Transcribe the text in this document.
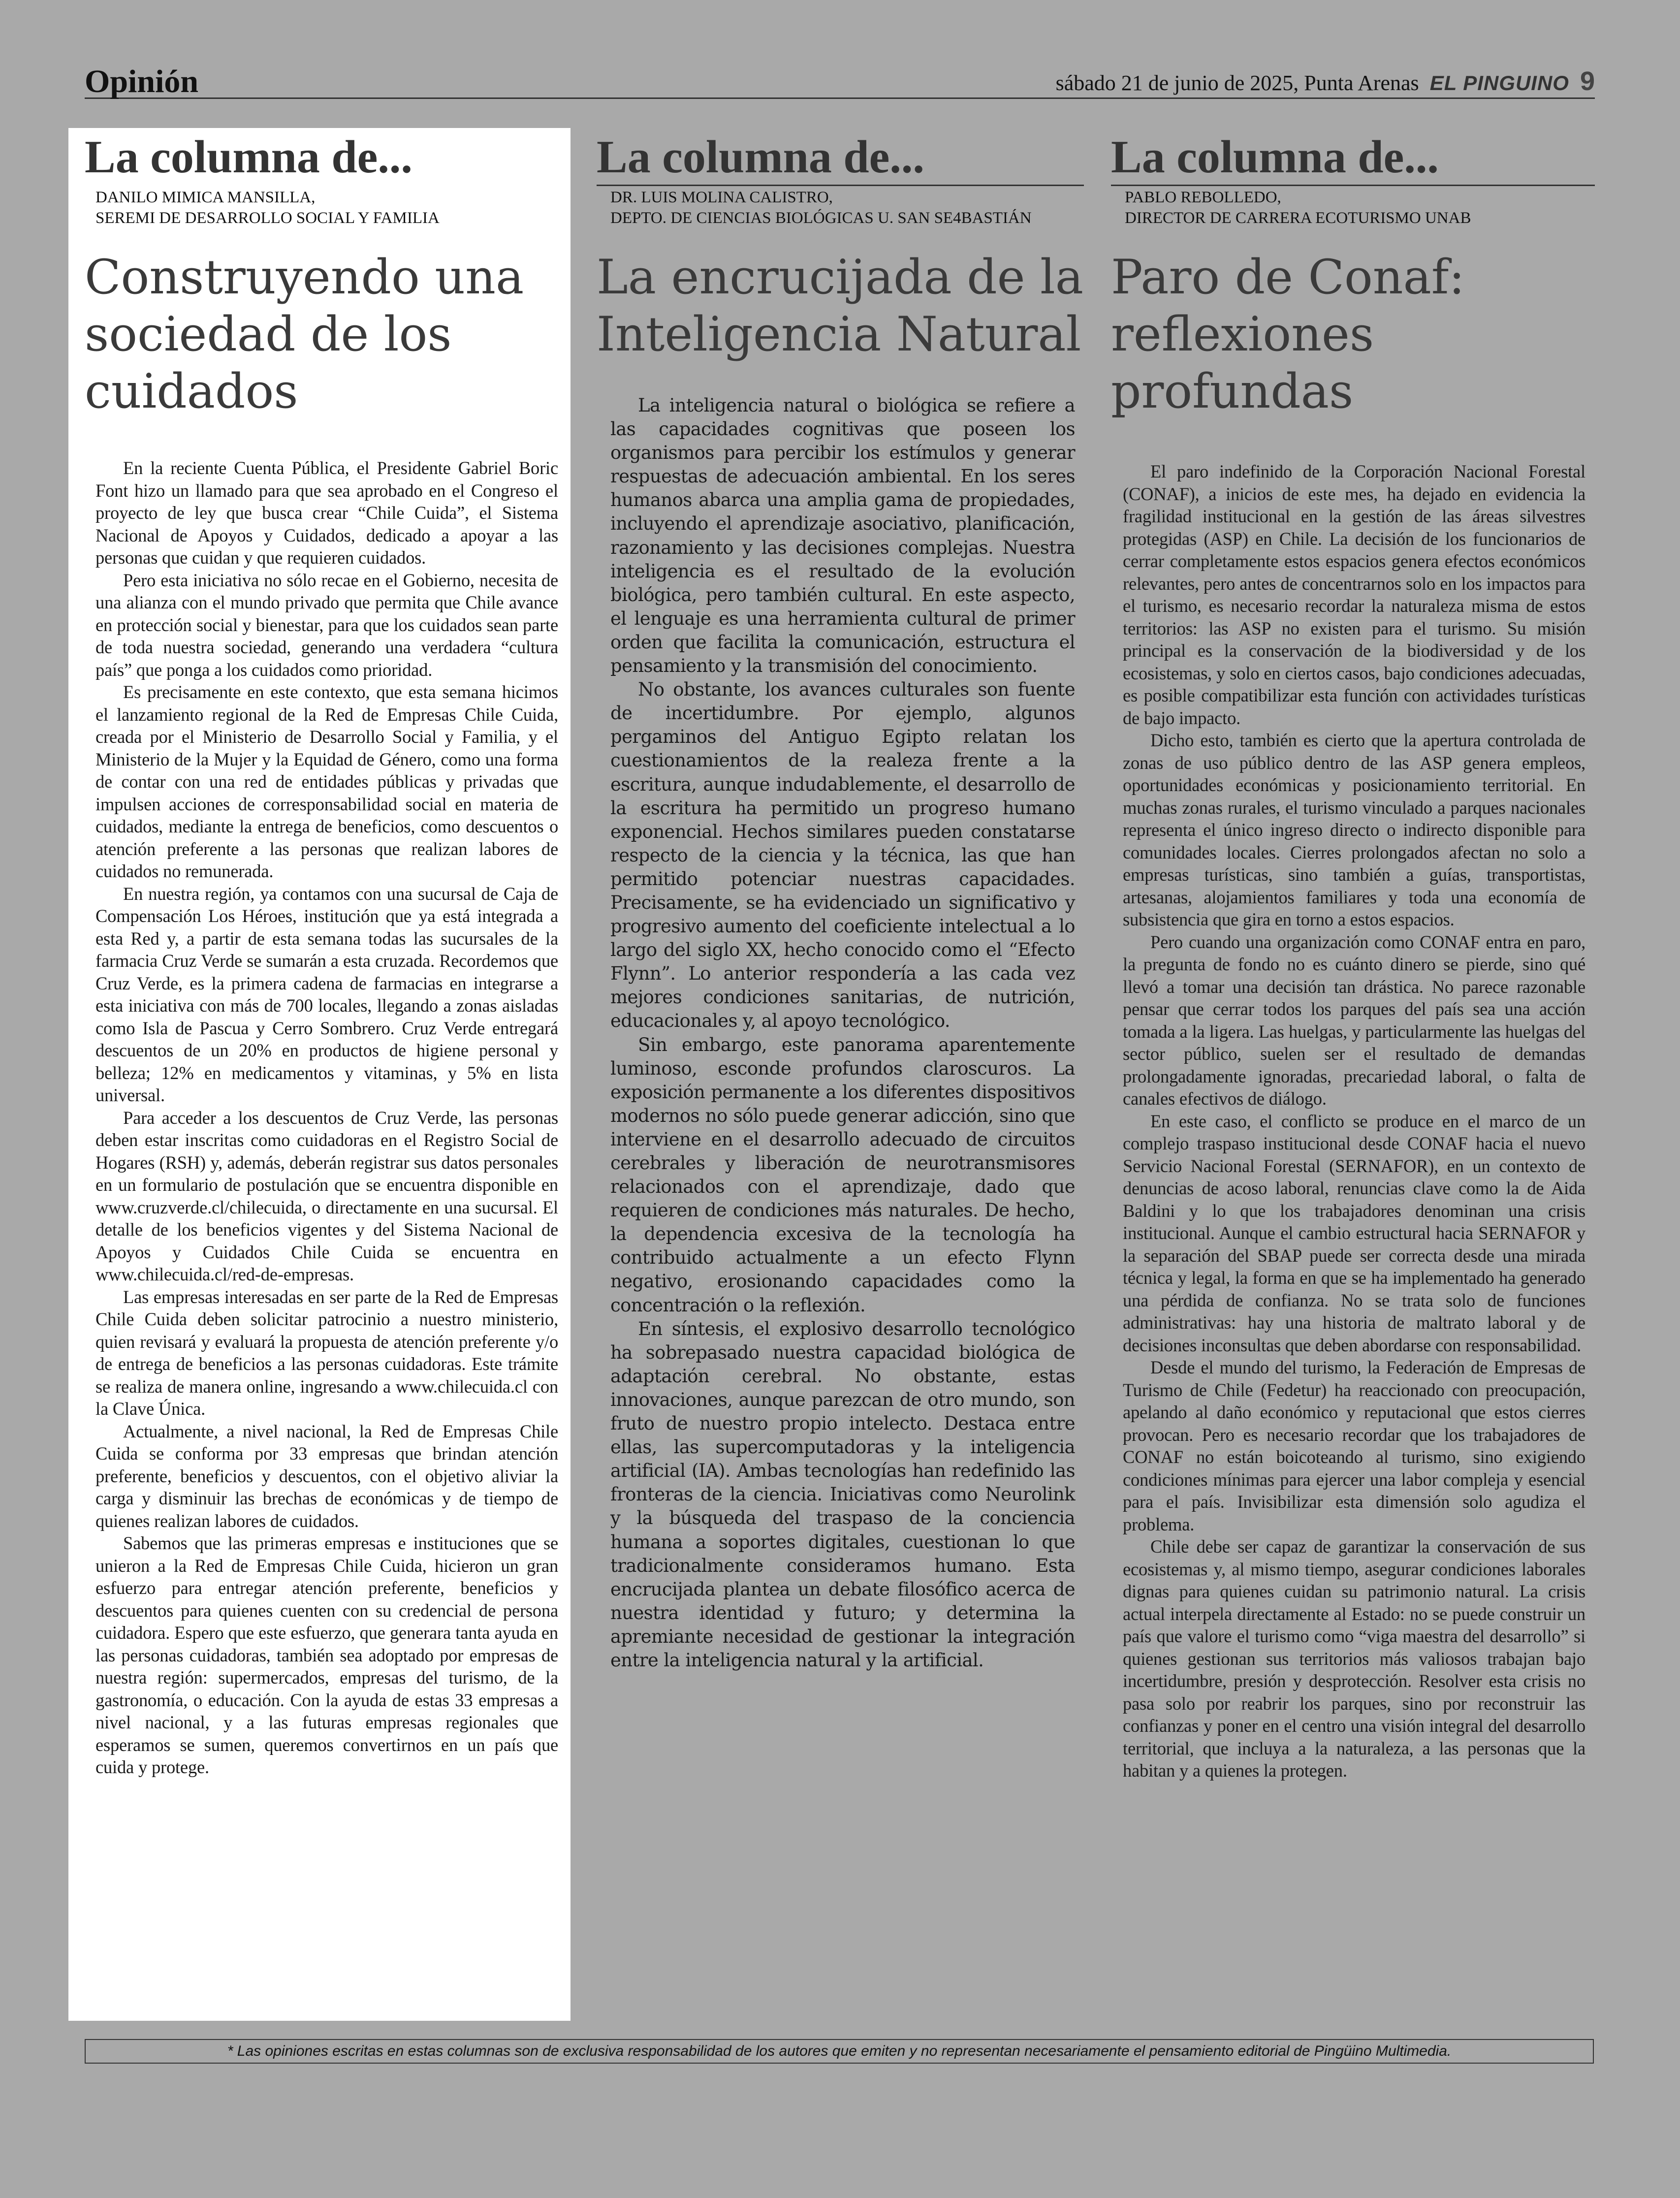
Opinión	sábado 21 de junio de 2025, Punta Arenas EL PINGUINO 9
La columna de...
DANILO MIMICA MANSILLA,
SEREMI DE DESARROLLO SOCIAL Y FAMILIA
Construyendo una sociedad de los cuidados

En la reciente Cuenta Pública, el Presidente Gabriel Boric Font hizo un llamado para que sea aprobado en el Congreso el proyecto de ley que busca crear “Chile Cuida”, el Sistema Nacional de Apoyos y Cuidados, dedicado a apoyar a las personas que cuidan y que requieren cuidados.

Pero esta iniciativa no sólo recae en el Gobierno, necesita de una alianza con el mundo privado que permita que Chile avance en protección social y bienestar, para que los cuidados sean parte de toda nuestra sociedad, generando una verdadera “cultura país” que ponga a los cuidados como prioridad.

Es precisamente en este contexto, que esta semana hicimos el lanzamiento regional de la Red de Empresas Chile Cuida, creada por el Ministerio de Desarrollo Social y Familia, y el Ministerio de la Mujer y la Equidad de Género, como una forma de contar con una red de entidades públicas y privadas que impulsen acciones de corresponsabilidad social en materia de cuidados, mediante la entrega de beneficios, como descuentos o atención preferente a las personas que realizan labores de cuidados no remunerada.

En nuestra región, ya contamos con una sucursal de Caja de Compensación Los Héroes, institución que ya está integrada a esta Red y, a partir de esta semana todas las sucursales de la farmacia Cruz Verde se sumarán a esta cruzada. Recordemos que Cruz Verde, es la primera cadena de farmacias en integrarse a esta iniciativa con más de 700 locales, llegando a zonas aisladas como Isla de Pascua y Cerro Sombrero. Cruz Verde entregará descuentos de un 20% en productos de higiene personal y belleza; 12% en medicamentos y vitaminas, y 5% en lista universal.

Para acceder a los descuentos de Cruz Verde, las personas deben estar inscritas como cuidadoras en el Registro Social de Hogares (RSH) y, además, deberán registrar sus datos personales en un formulario de postulación que se encuentra disponible en www.cruzverde.cl/chilecuida, o directamente en una sucursal. El detalle de los beneficios vigentes y del Sistema Nacional de Apoyos y Cuidados Chile Cuida se encuentra en www.chilecuida.cl/red-de-empresas.

Las empresas interesadas en ser parte de la Red de Empresas Chile Cuida deben solicitar patrocinio a nuestro ministerio, quien revisará y evaluará la propuesta de atención preferente y/o de entrega de beneficios a las personas cuidadoras. Este trámite se realiza de manera online, ingresando a www.chilecuida.cl con la Clave Única.

Actualmente, a nivel nacional, la Red de Empresas Chile Cuida se conforma por 33 empresas que brindan atención preferente, beneficios y descuentos, con el objetivo aliviar la carga y disminuir las brechas de económicas y de tiempo de quienes realizan labores de cuidados.

Sabemos que las primeras empresas e instituciones que se unieron a la Red de Empresas Chile Cuida, hicieron un gran esfuerzo para entregar atención preferente, beneficios y descuentos para quienes cuenten con su credencial de persona cuidadora. Espero que este esfuerzo, que generara tanta ayuda en las personas cuidadoras, también sea adoptado por empresas de nuestra región: supermercados, empresas del turismo, de la gastronomía, o educación. Con la ayuda de estas 33 empresas a nivel nacional, y a las futuras empresas regionales que esperamos se sumen, queremos convertirnos en un país que cuida y protege.

La columna de...
DR. LUIS MOLINA CALISTRO,
DEPTO. DE CIENCIAS BIOLÓGICAS U. SAN SE4BASTIÁN
La encrucijada de la Inteligencia Natural

La inteligencia natural o biológica se refiere a las capacidades cognitivas que poseen los organismos para percibir los estímulos y generar respuestas de adecuación ambiental. En los seres humanos abarca una amplia gama de propiedades, incluyendo el aprendizaje asociativo, planificación, razonamiento y las decisiones complejas. Nuestra inteligencia es el resultado de la evolución biológica, pero también cultural. En este aspecto, el lenguaje es una herramienta cultural de primer orden que facilita la comunicación, estructura el pensamiento y la transmisión del conocimiento.

No obstante, los avances culturales son fuente de incertidumbre. Por ejemplo, algunos pergaminos del Antiguo Egipto relatan los cuestionamientos de la realeza frente a la escritura, aunque indudablemente, el desarrollo de la escritura ha permitido un progreso humano exponencial. Hechos similares pueden constatarse respecto de la ciencia y la técnica, las que han permitido potenciar nuestras capacidades. Precisamente, se ha evidenciado un significativo y progresivo aumento del coeficiente intelectual a lo largo del siglo XX, hecho conocido como el “Efecto Flynn”. Lo anterior respondería a las cada vez mejores condiciones sanitarias, de nutrición, educacionales y, al apoyo tecnológico.

Sin embargo, este panorama aparentemente luminoso, esconde profundos claroscuros. La exposición permanente a los diferentes dispositivos modernos no sólo puede generar adicción, sino que interviene en el desarrollo adecuado de circuitos cerebrales y liberación de neurotransmisores relacionados con el aprendizaje, dado que requieren de condiciones más naturales. De hecho, la dependencia excesiva de la tecnología ha contribuido actualmente a un efecto Flynn negativo, erosionando capacidades como la concentración o la reflexión.

En síntesis, el explosivo desarrollo tecnológico ha sobrepasado nuestra capacidad biológica de adaptación cerebral. No obstante, estas innovaciones, aunque parezcan de otro mundo, son fruto de nuestro propio intelecto. Destaca entre ellas, las supercomputadoras y la inteligencia artificial (IA). Ambas tecnologías han redefinido las fronteras de la ciencia. Iniciativas como Neurolink y la búsqueda del traspaso de la conciencia humana a soportes digitales, cuestionan lo que tradicionalmente consideramos humano. Esta encrucijada plantea un debate filosófico acerca de nuestra identidad y futuro; y determina la apremiante necesidad de gestionar la integración entre la inteligencia natural y la artificial.

La columna de...
PABLO REBOLLEDO,
DIRECTOR DE CARRERA ECOTURISMO UNAB
Paro de Conaf: reflexiones profundas

El paro indefinido de la Corporación Nacional Forestal (CONAF), a inicios de este mes, ha dejado en evidencia la fragilidad institucional en la gestión de las áreas silvestres protegidas (ASP) en Chile. La decisión de los funcionarios de cerrar completamente estos espacios genera efectos económicos relevantes, pero antes de concentrarnos solo en los impactos para el turismo, es necesario recordar la naturaleza misma de estos territorios: las ASP no existen para el turismo. Su misión principal es la conservación de la biodiversidad y de los ecosistemas, y solo en ciertos casos, bajo condiciones adecuadas, es posible compatibilizar esta función con actividades turísticas de bajo impacto.

Dicho esto, también es cierto que la apertura controlada de zonas de uso público dentro de las ASP genera empleos, oportunidades económicas y posicionamiento territorial. En muchas zonas rurales, el turismo vinculado a parques nacionales representa el único ingreso directo o indirecto disponible para comunidades locales. Cierres prolongados afectan no solo a empresas turísticas, sino también a guías, transportistas, artesanas, alojamientos familiares y toda una economía de subsistencia que gira en torno a estos espacios.

Pero cuando una organización como CONAF entra en paro, la pregunta de fondo no es cuánto dinero se pierde, sino qué llevó a tomar una decisión tan drástica. No parece razonable pensar que cerrar todos los parques del país sea una acción tomada a la ligera. Las huelgas, y particularmente las huelgas del sector público, suelen ser el resultado de demandas prolongadamente ignoradas, precariedad laboral, o falta de canales efectivos de diálogo.

En este caso, el conflicto se produce en el marco de un complejo traspaso institucional desde CONAF hacia el nuevo Servicio Nacional Forestal (SERNAFOR), en un contexto de denuncias de acoso laboral, renuncias clave como la de Aida Baldini y lo que los trabajadores denominan una crisis institucional. Aunque el cambio estructural hacia SERNAFOR y la separación del SBAP puede ser correcta desde una mirada técnica y legal, la forma en que se ha implementado ha generado una pérdida de confianza. No se trata solo de funciones administrativas: hay una historia de maltrato laboral y de decisiones inconsultas que deben abordarse con responsabilidad.

Desde el mundo del turismo, la Federación de Empresas de Turismo de Chile (Fedetur) ha reaccionado con preocupación, apelando al daño económico y reputacional que estos cierres provocan. Pero es necesario recordar que los trabajadores de CONAF no están boicoteando al turismo, sino exigiendo condiciones mínimas para ejercer una labor compleja y esencial para el país. Invisibilizar esta dimensión solo agudiza el problema.

Chile debe ser capaz de garantizar la conservación de sus ecosistemas y, al mismo tiempo, asegurar condiciones laborales dignas para quienes cuidan su patrimonio natural. La crisis actual interpela directamente al Estado: no se puede construir un país que valore el turismo como “viga maestra del desarrollo” si quienes gestionan sus territorios más valiosos trabajan bajo incertidumbre, presión y desprotección. Resolver esta crisis no pasa solo por reabrir los parques, sino por reconstruir las confianzas y poner en el centro una visión integral del desarrollo territorial, que incluya a la naturaleza, a las personas que la habitan y a quienes la protegen.

* Las opiniones escritas en estas columnas son de exclusiva responsabilidad de los autores que emiten y no representan necesariamente el pensamiento editorial de Pingüino Multimedia.
